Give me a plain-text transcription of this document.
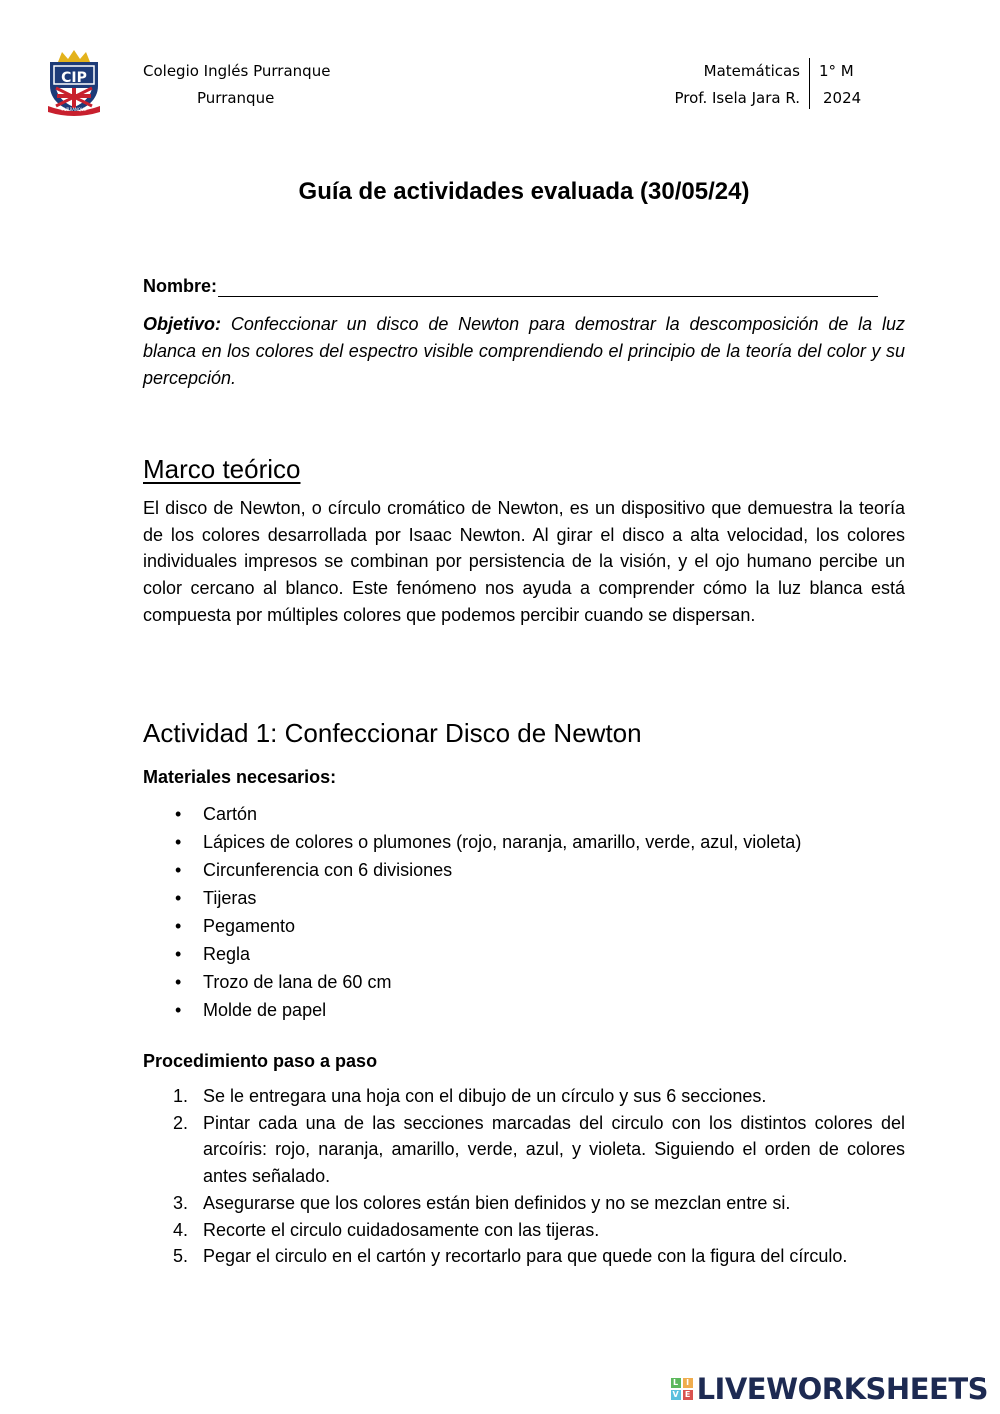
CIP
PURRANQUE
Colegio Inglés Purranque
Purranque
Matemáticas
Prof. Isela Jara R.
1° M
2024
Guía de actividades evaluada (30/05/24)
Nombre:
Objetivo: Confeccionar un disco de Newton para demostrar la descomposición de la luz blanca en los colores del espectro visible comprendiendo el principio de la teoría del color y su percepción.
Marco teórico
El disco de Newton, o círculo cromático de Newton, es un dispositivo que demuestra la teoría de los colores desarrollada por Isaac Newton. Al girar el disco a alta velocidad, los colores individuales impresos se combinan por persistencia de la visión, y el ojo humano percibe un color cercano al blanco. Este fenómeno nos ayuda a comprender cómo la luz blanca está compuesta por múltiples colores que podemos percibir cuando se dispersan.
Actividad 1: Confeccionar Disco de Newton
Materiales necesarios:
• Cartón
• Lápices de colores o plumones (rojo, naranja, amarillo, verde, azul, violeta)
• Circunferencia con 6 divisiones
• Tijeras
• Pegamento
• Regla
• Trozo de lana de 60 cm
• Molde de papel
Procedimiento paso a paso
1. Se le entregara una hoja con el dibujo de un círculo y sus 6 secciones.
2. Pintar cada una de las secciones marcadas del circulo con los distintos colores del arcoíris: rojo, naranja, amarillo, verde, azul, y violeta. Siguiendo el orden de colores antes señalado.
3. Asegurarse que los colores están bien definidos y no se mezclan entre si.
4. Recorte el circulo cuidadosamente con las tijeras.
5. Pegar el circulo en el cartón y recortarlo para que quede con la figura del círculo.
L I
V E LIVEWORKSHEETS
